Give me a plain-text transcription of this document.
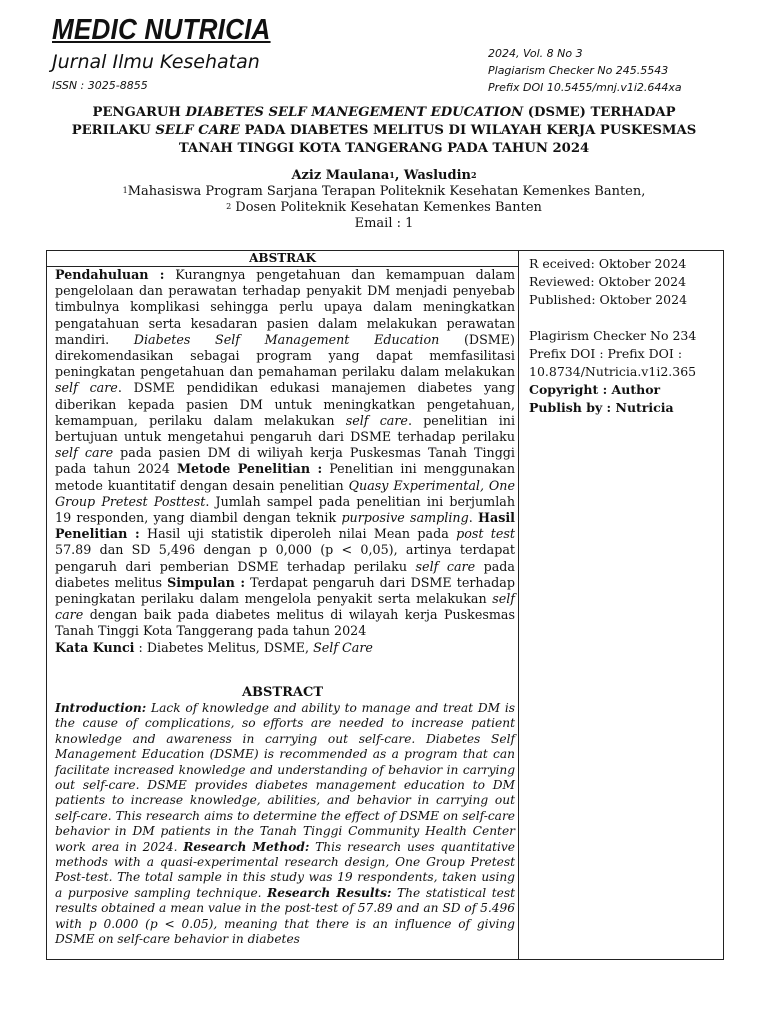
MEDIC NUTRICIA
Jurnal Ilmu Kesehatan
ISSN : 3025-8855
2024, Vol. 8 No 3
Plagiarism Checker No 245.5543
Prefix DOI 10.5455/mnj.v1i2.644xa
PENGARUH DIABETES SELF MANEGEMENT EDUCATION (DSME) TERHADAP
PERILAKU SELF CARE PADA DIABETES MELITUS DI WILAYAH KERJA PUSKESMAS
TANAH TINGGI KOTA TANGERANG PADA TAHUN 2024
Aziz Maulana$^1$, Wasludin$^2$
$^1$Mahasiswa Program Sarjana Terapan Politeknik Kesehatan Kemenkes Banten,
$^2$ Dosen Politeknik Kesehatan Kemenkes Banten
Email : 1
ABSTRAK
Pendahuluan : Kurangnya pengetahuan dan kemampuan dalam pengelolaan dan perawatan terhadap penyakit DM menjadi penyebab timbulnya komplikasi sehingga perlu upaya dalam meningkatkan pengatahuan serta kesadaran pasien dalam melakukan perawatan mandiri. Diabetes Self Management Education (DSME) direkomendasikan sebagai program yang dapat memfasilitasi peningkatan pengetahuan dan pemahaman perilaku dalam melakukan self care. DSME pendidikan edukasi manajemen diabetes yang diberikan kepada pasien DM untuk meningkatkan pengetahuan, kemampuan, perilaku dalam melakukan self care. penelitian ini bertujuan untuk mengetahui pengaruh dari DSME terhadap perilaku self care pada pasien DM di wiliyah kerja Puskesmas Tanah Tinggi pada tahun 2024 Metode Penelitian : Penelitian ini menggunakan metode kuantitatif dengan desain penelitian Quasy Experimental, One Group Pretest Posttest. Jumlah sampel pada penelitian ini berjumlah 19 responden, yang diambil dengan teknik purposive sampling. Hasil Penelitian : Hasil uji statistik diperoleh nilai Mean pada post test 57.89 dan SD 5,496 dengan p 0,000 (p < 0,05), artinya terdapat pengaruh dari pemberian DSME terhadap perilaku self care pada diabetes melitus Simpulan : Terdapat pengaruh dari DSME terhadap peningkatan perilaku dalam mengelola penyakit serta melakukan self care dengan baik pada diabetes melitus di wilayah kerja Puskesmas Tanah Tinggi Kota Tanggerang pada tahun 2024
Kata Kunci : Diabetes Melitus, DSME, Self Care
ABSTRACT
Introduction: Lack of knowledge and ability to manage and treat DM is the cause of complications, so efforts are needed to increase patient knowledge and awareness in carrying out self-care. Diabetes Self Management Education (DSME) is recommended as a program that can facilitate increased knowledge and understanding of behavior in carrying out self-care. DSME provides diabetes management education to DM patients to increase knowledge, abilities, and behavior in carrying out self-care. This research aims to determine the effect of DSME on self-care behavior in DM patients in the Tanah Tinggi Community Health Center work area in 2024. Research Method: This research uses quantitative methods with a quasi-experimental research design, One Group Pretest Post-test. The total sample in this study was 19 respondents, taken using a purposive sampling technique. Research Results: The statistical test results obtained a mean value in the post-test of 57.89 and an SD of 5.496 with p 0.000 (p < 0.05), meaning that there is an influence of giving DSME on self-care behavior in diabetes
R eceived: Oktober 2024
Reviewed: Oktober 2024
Published: Oktober 2024
Plagirism Checker No 234
Prefix DOI : Prefix DOI :
10.8734/Nutricia.v1i2.365
Copyright : Author
Publish by : Nutricia
